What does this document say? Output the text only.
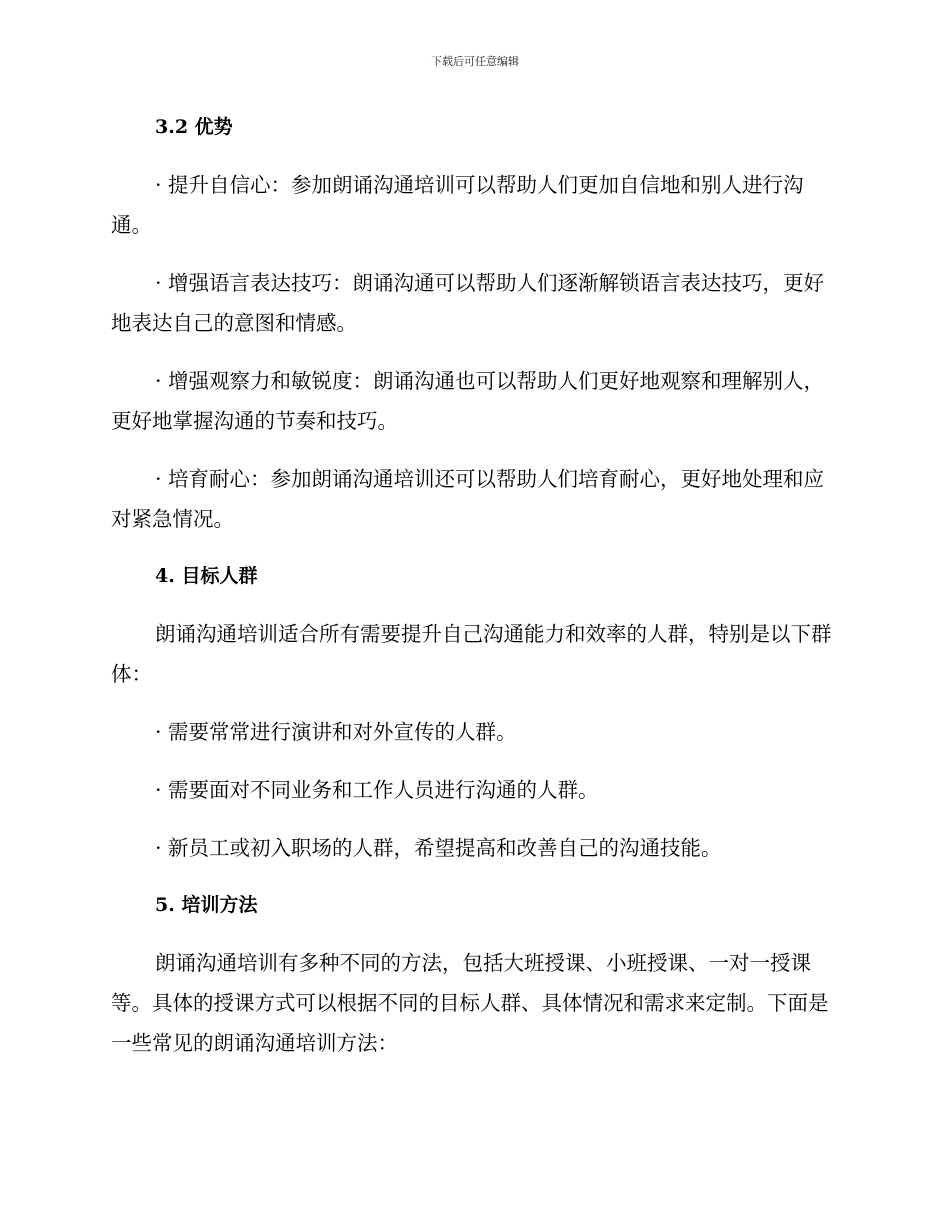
下载后可任意编辑
3.2 优势

· 提升自信心：参加朗诵沟通培训可以帮助人们更加自信地和别人进行沟通。

· 增强语言表达技巧：朗诵沟通可以帮助人们逐渐解锁语言表达技巧，更好地表达自己的意图和情感。

· 增强观察力和敏锐度：朗诵沟通也可以帮助人们更好地观察和理解别人，更好地掌握沟通的节奏和技巧。

· 培育耐心：参加朗诵沟通培训还可以帮助人们培育耐心，更好地处理和应对紧急情况。

4. 目标人群

朗诵沟通培训适合所有需要提升自己沟通能力和效率的人群，特别是以下群体：

· 需要常常进行演讲和对外宣传的人群。

· 需要面对不同业务和工作人员进行沟通的人群。

· 新员工或初入职场的人群，希望提高和改善自己的沟通技能。

5. 培训方法

朗诵沟通培训有多种不同的方法，包括大班授课、小班授课、一对一授课等。具体的授课方式可以根据不同的目标人群、具体情况和需求来定制。下面是一些常见的朗诵沟通培训方法：
